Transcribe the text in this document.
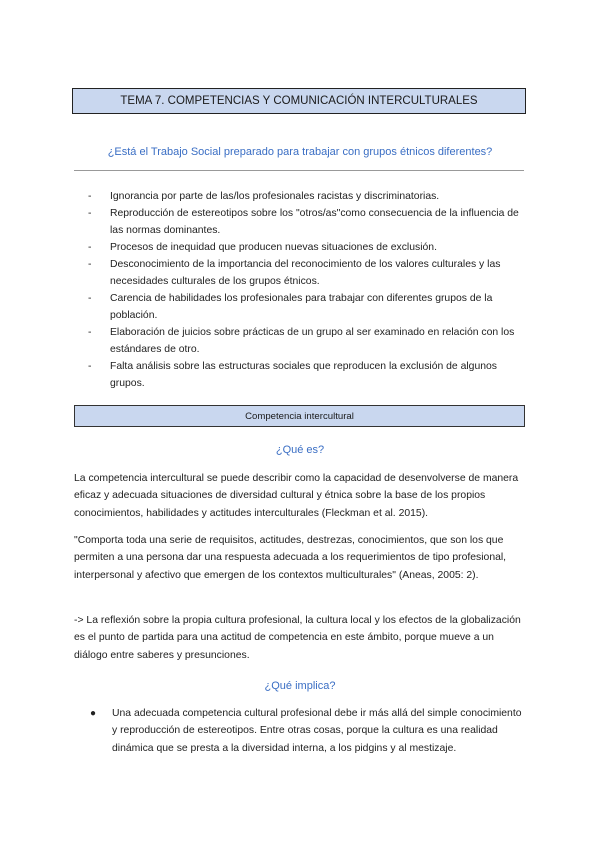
TEMA 7. COMPETENCIAS Y COMUNICACIÓN INTERCULTURALES
¿Está el Trabajo Social preparado para trabajar con grupos étnicos diferentes?
- Ignorancia por parte de las/los profesionales racistas y discriminatorias.
- Reproducción de estereotipos sobre los "otros/as"como consecuencia de la influencia de las normas dominantes.
- Procesos de inequidad que producen nuevas situaciones de exclusión.
- Desconocimiento de la importancia del reconocimiento de los valores culturales y las necesidades culturales de los grupos étnicos.
- Carencia de habilidades los profesionales para trabajar con diferentes grupos de la población.
- Elaboración de juicios sobre prácticas de un grupo al ser examinado en relación con los estándares de otro.
- Falta análisis sobre las estructuras sociales que reproducen la exclusión de algunos grupos.
Competencia intercultural
¿Qué es?

La competencia intercultural se puede describir como la capacidad de desenvolverse de manera eficaz y adecuada situaciones de diversidad cultural y étnica sobre la base de los propios conocimientos, habilidades y actitudes interculturales (Fleckman et al. 2015).

"Comporta toda una serie de requisitos, actitudes, destrezas, conocimientos, que son los que permiten a una persona dar una respuesta adecuada a los requerimientos de tipo profesional, interpersonal y afectivo que emergen de los contextos multiculturales" (Aneas, 2005: 2).

-> La reflexión sobre la propia cultura profesional, la cultura local y los efectos de la globalización es el punto de partida para una actitud de competencia en este ámbito, porque mueve a un diálogo entre saberes y presunciones.

¿Qué implica?
● Una adecuada competencia cultural profesional debe ir más allá del simple conocimiento y reproducción de estereotipos. Entre otras cosas, porque la cultura es una realidad dinámica que se presta a la diversidad interna, a los pidgins y al mestizaje.
